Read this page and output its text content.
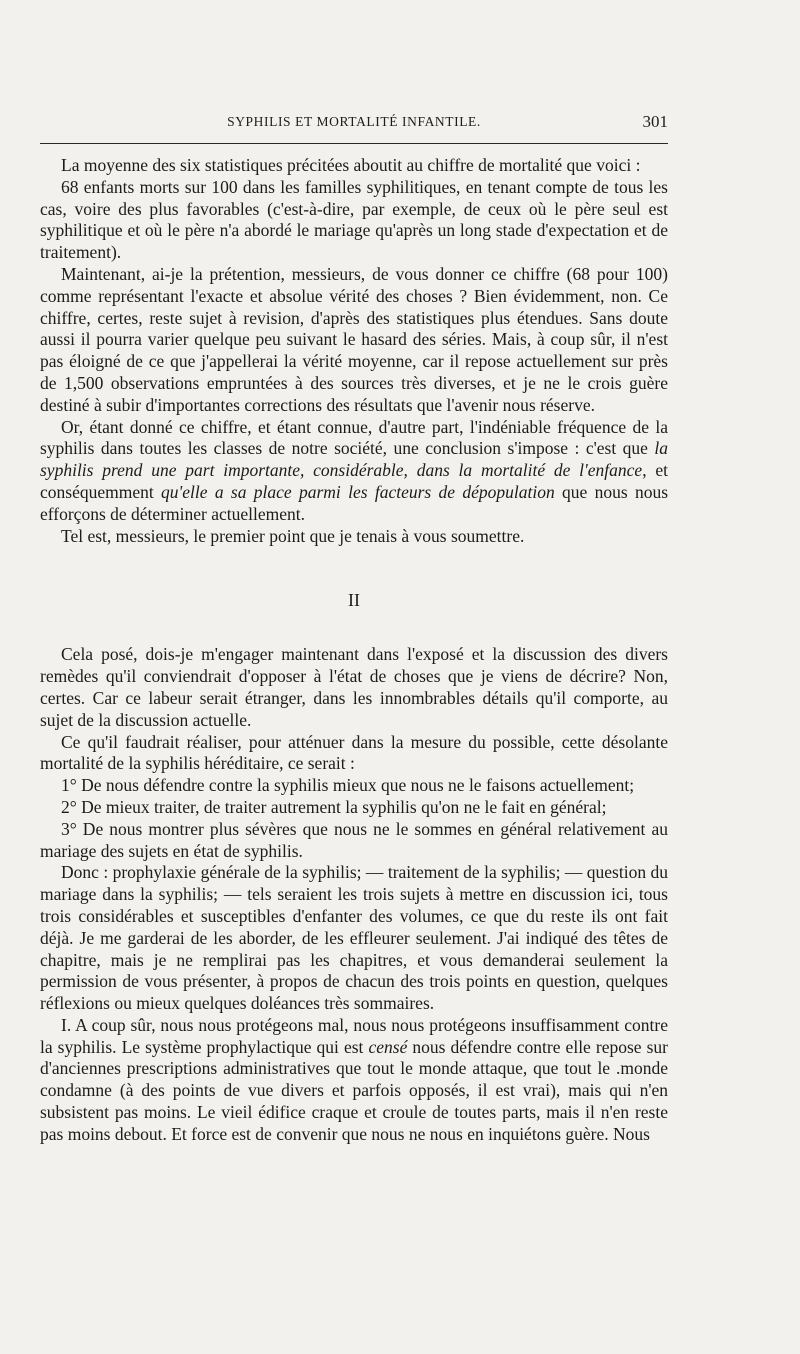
SYPHILIS ET MORTALITÉ INFANTILE.	301

La moyenne des six statistiques précitées aboutit au chiffre de mortalité que voici :

68 enfants morts sur 100 dans les familles syphilitiques, en tenant compte de tous les cas, voire des plus favorables (c'est-à-dire, par exemple, de ceux où le père seul est syphilitique et où le père n'a abordé le mariage qu'après un long stade d'expectation et de traitement).

Maintenant, ai-je la prétention, messieurs, de vous donner ce chiffre (68 pour 100) comme représentant l'exacte et absolue vérité des choses ? Bien évidemment, non. Ce chiffre, certes, reste sujet à revision, d'après des statistiques plus étendues. Sans doute aussi il pourra varier quelque peu suivant le hasard des séries. Mais, à coup sûr, il n'est pas éloigné de ce que j'appellerai la vérité moyenne, car il repose actuellement sur près de 1,500 observations empruntées à des sources très diverses, et je ne le crois guère destiné à subir d'importantes corrections des résultats que l'avenir nous réserve.

Or, étant donné ce chiffre, et étant connue, d'autre part, l'indéniable fréquence de la syphilis dans toutes les classes de notre société, une conclusion s'impose : c'est que la syphilis prend une part importante, considérable, dans la mortalité de l'enfance, et conséquemment qu'elle a sa place parmi les facteurs de dépopulation que nous nous efforçons de déterminer actuellement.

Tel est, messieurs, le premier point que je tenais à vous soumettre.

II

Cela posé, dois-je m'engager maintenant dans l'exposé et la discussion des divers remèdes qu'il conviendrait d'opposer à l'état de choses que je viens de décrire? Non, certes. Car ce labeur serait étranger, dans les innombrables détails qu'il comporte, au sujet de la discussion actuelle.

Ce qu'il faudrait réaliser, pour atténuer dans la mesure du possible, cette désolante mortalité de la syphilis héréditaire, ce serait :

1° De nous défendre contre la syphilis mieux que nous ne le faisons actuellement;

2° De mieux traiter, de traiter autrement la syphilis qu'on ne le fait en général;

3° De nous montrer plus sévères que nous ne le sommes en général relativement au mariage des sujets en état de syphilis.

Donc : prophylaxie générale de la syphilis; — traitement de la syphilis; — question du mariage dans la syphilis; — tels seraient les trois sujets à mettre en discussion ici, tous trois considérables et susceptibles d'enfanter des volumes, ce que du reste ils ont fait déjà. Je me garderai de les aborder, de les effleurer seulement. J'ai indiqué des têtes de chapitre, mais je ne remplirai pas les chapitres, et vous demanderai seulement la permission de vous présenter, à propos de chacun des trois points en question, quelques réflexions ou mieux quelques doléances très sommaires.

I. A coup sûr, nous nous protégeons mal, nous nous protégeons insuffisamment contre la syphilis. Le système prophylactique qui est censé nous défendre contre elle repose sur d'anciennes prescriptions administratives que tout le monde attaque, que tout le .monde condamne (à des points de vue divers et parfois opposés, il est vrai), mais qui n'en subsistent pas moins. Le vieil édifice craque et croule de toutes parts, mais il n'en reste pas moins debout. Et force est de convenir que nous ne nous en inquiétons guère. Nous
